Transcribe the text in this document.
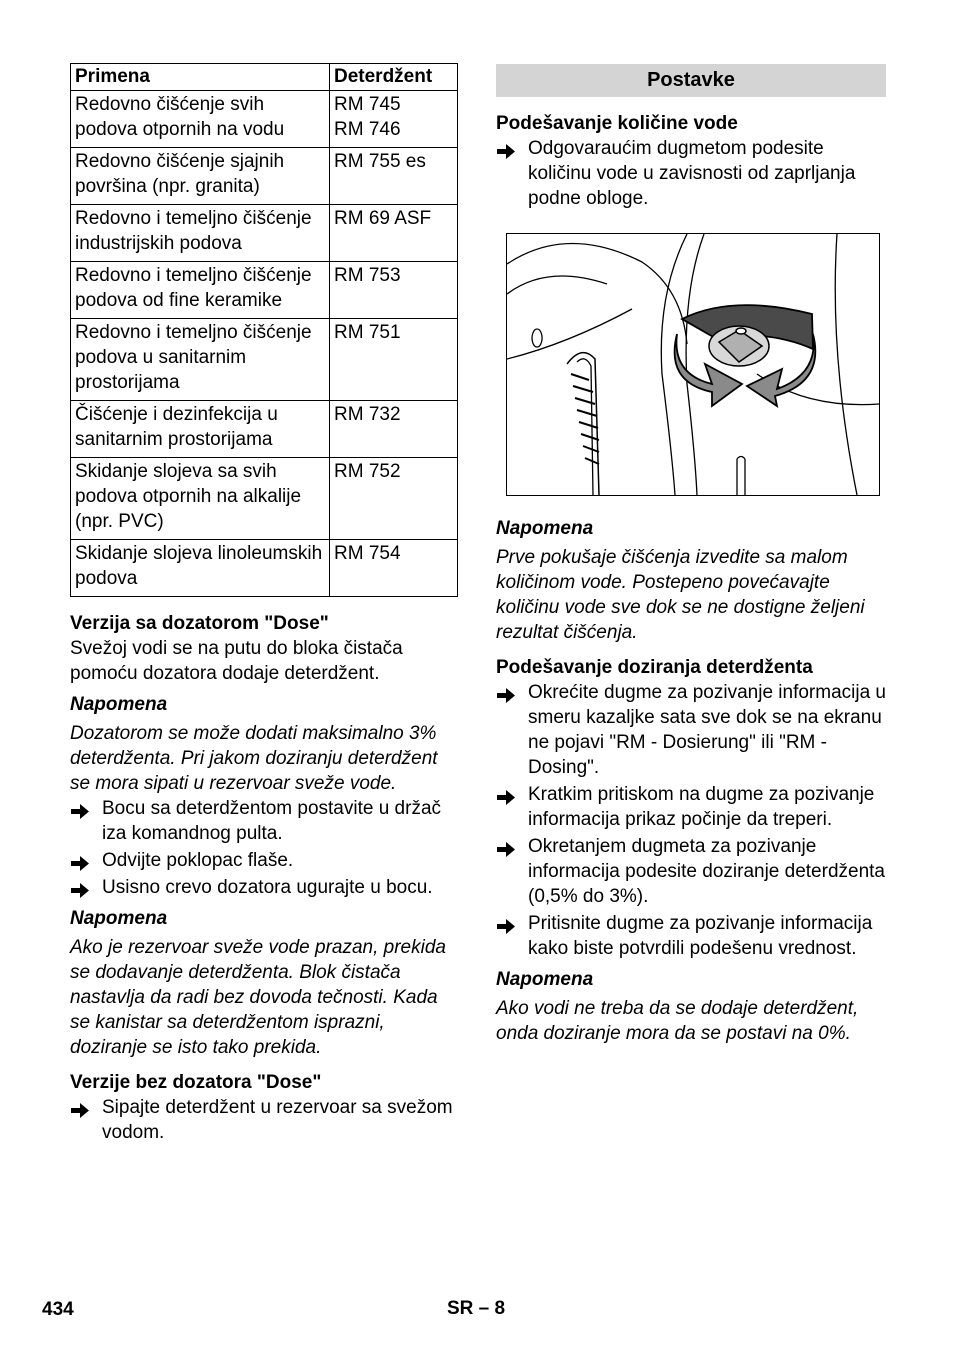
Primena	Deterdžent
Redovno čišćenje svih podova otpornih na vodu	RM 745
RM 746
Redovno čišćenje sjajnih površina (npr. granita)	RM 755 es
Redovno i temeljno čišćenje industrijskih podova	RM 69 ASF
Redovno i temeljno čišćenje podova od fine keramike	RM 753
Redovno i temeljno čišćenje podova u sanitarnim prostorijama	RM 751
Čišćenje i dezinfekcija u sanitarnim prostorijama	RM 732
Skidanje slojeva sa svih podova otpornih na alkalije (npr. PVC)	RM 752
Skidanje slojeva linoleumskih podova	RM 754
Verzija sa dozatorom "Dose"

Svežoj vodi se na putu do bloka čistača pomoću dozatora dodaje deterdžent.

Napomena

Dozatorom se može dodati maksimalno 3% deterdženta. Pri jakom doziranju deterdžent se mora sipati u rezervoar sveže vode.

Bocu sa deterdžentom postavite u držač iza komandnog pulta.
Odvijte poklopac flaše.
Usisno crevo dozatora ugurajte u bocu.
Napomena

Ako je rezervoar sveže vode prazan, prekida se dodavanje deterdženta. Blok čistača nastavlja da radi bez dovoda tečnosti. Kada se kanistar sa deterdžentom isprazni, doziranje se isto tako prekida.

Verzije bez dozatora "Dose"
Sipajte deterdžent u rezervoar sa svežom vodom.
Postavke
Podešavanje količine vode
Odgovaraućim dugmetom podesite količinu vode u zavisnosti od zaprljanja podne obloge.
Napomena

Prve pokušaje čišćenja izvedite sa malom količinom vode. Postepeno povećavajte količinu vode sve dok se ne dostigne željeni rezultat čišćenja.

Podešavanje doziranja deterdženta
Okrećite dugme za pozivanje informacija u smeru kazaljke sata sve dok se na ekranu ne pojavi "RM - Dosierung" ili "RM - Dosing".
Kratkim pritiskom na dugme za pozivanje informacija prikaz počinje da treperi.
Okretanjem dugmeta za pozivanje informacija podesite doziranje deterdženta (0,5% do 3%).
Pritisnite dugme za pozivanje informacija kako biste potvrdili podešenu vrednost.
Napomena

Ako vodi ne treba da se dodaje deterdžent, onda doziranje mora da se postavi na 0%.

434	SR – 8
